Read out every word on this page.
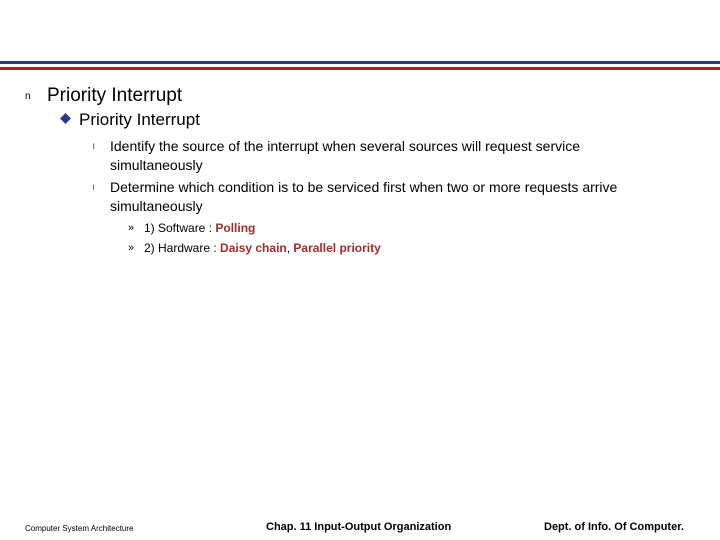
n Priority Interrupt
Priority Interrupt
l Identify the source of the interrupt when several sources will request service
simultaneously
l Determine which condition is to be serviced first when two or more requests arrive
simultaneously
» 1) Software : Polling
» 2) Hardware : Daisy chain, Parallel priority
Computer System Architecture	Chap. 11 Input-Output Organization	Dept. of Info. Of Computer.
